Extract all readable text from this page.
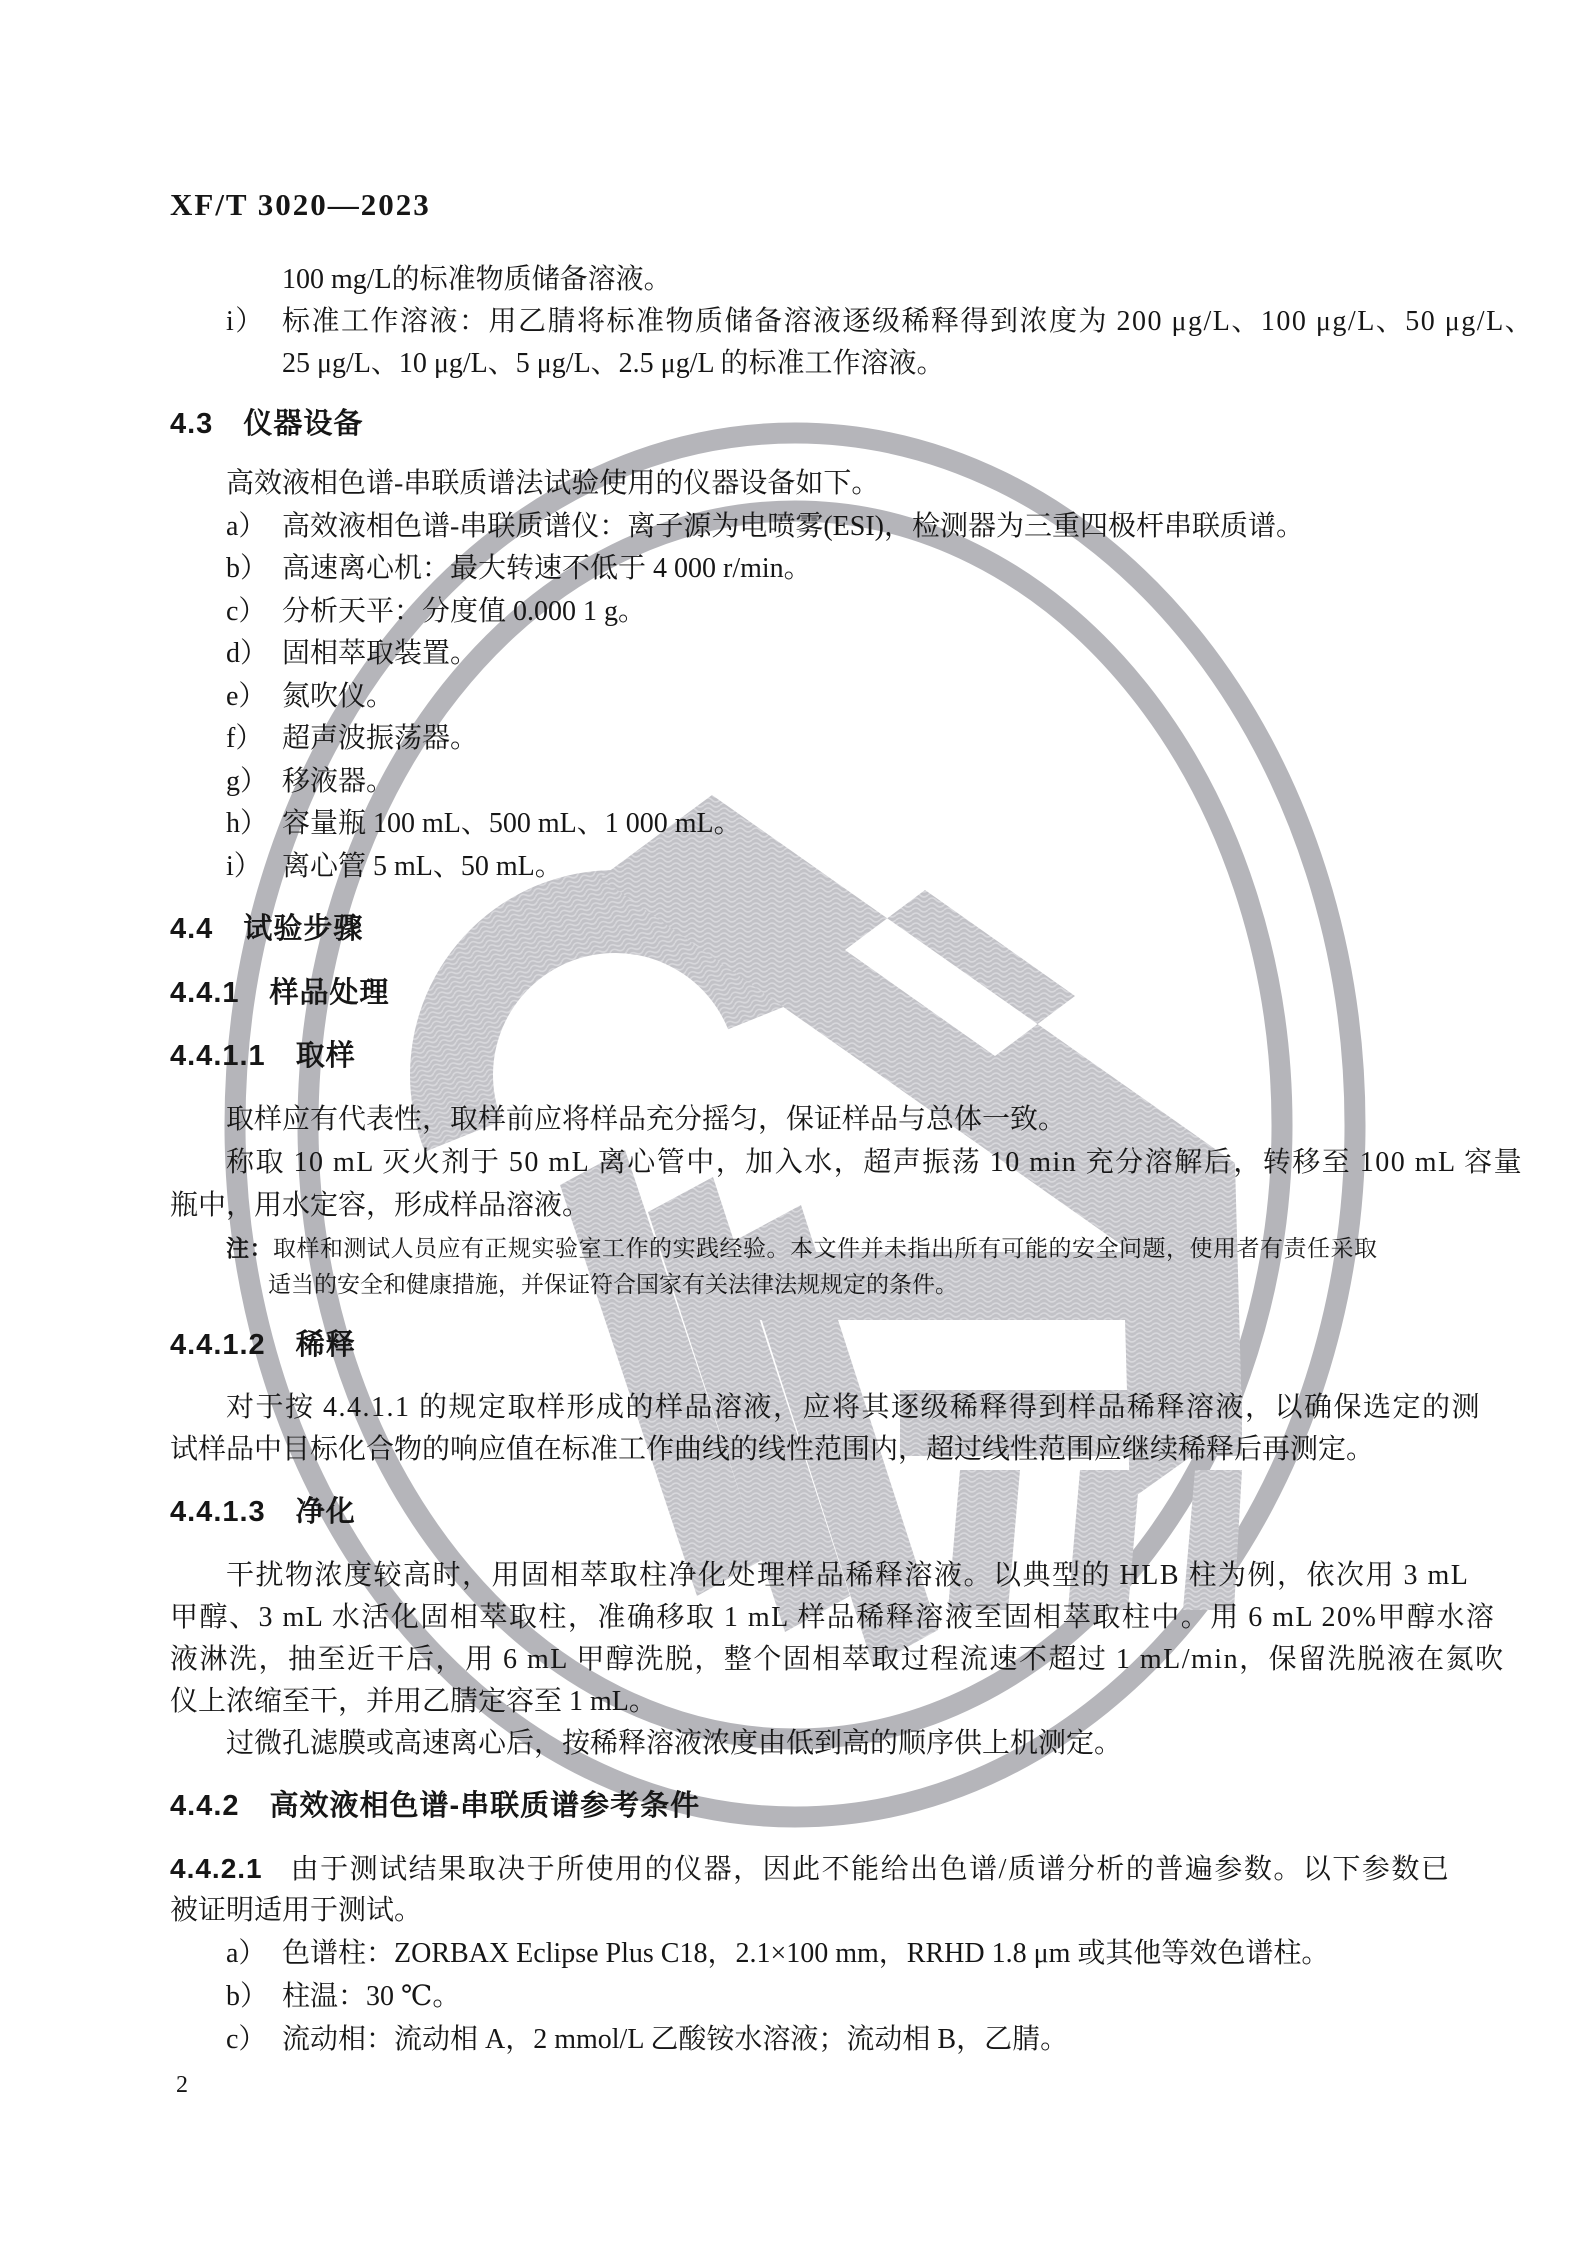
XF/T 3020—2023
100 mg/L的标准物质储备溶液。
i） 标准工作溶液：用乙腈将标准物质储备溶液逐级稀释得到浓度为 200 μg/L、100 μg/L、50 μg/L、
25 μg/L、10 μg/L、5 μg/L、2.5 μg/L 的标准工作溶液。
4.3 仪器设备
高效液相色谱-串联质谱法试验使用的仪器设备如下。
a） 高效液相色谱-串联质谱仪：离子源为电喷雾(ESI)，检测器为三重四极杆串联质谱。
b） 高速离心机：最大转速不低于 4 000 r/min。
c） 分析天平：分度值 0.000 1 g。
d） 固相萃取装置。
e） 氮吹仪。
f） 超声波振荡器。
g） 移液器。
h） 容量瓶 100 mL、500 mL、1 000 mL。
i） 离心管 5 mL、50 mL。
4.4 试验步骤
4.4.1 样品处理
4.4.1.1 取样
取样应有代表性，取样前应将样品充分摇匀，保证样品与总体一致。
称取 10 mL 灭火剂于 50 mL 离心管中，加入水，超声振荡 10 min 充分溶解后，转移至 100 mL 容量
瓶中，用水定容，形成样品溶液。
注：取样和测试人员应有正规实验室工作的实践经验。本文件并未指出所有可能的安全问题，使用者有责任采取
适当的安全和健康措施，并保证符合国家有关法律法规规定的条件。
4.4.1.2 稀释
对于按 4.4.1.1 的规定取样形成的样品溶液，应将其逐级稀释得到样品稀释溶液，以确保选定的测
试样品中目标化合物的响应值在标准工作曲线的线性范围内，超过线性范围应继续稀释后再测定。
4.4.1.3 净化
干扰物浓度较高时，用固相萃取柱净化处理样品稀释溶液。以典型的 HLB 柱为例，依次用 3 mL
甲醇、3 mL 水活化固相萃取柱，准确移取 1 mL 样品稀释溶液至固相萃取柱中。用 6 mL 20%甲醇水溶
液淋洗，抽至近干后，用 6 mL 甲醇洗脱，整个固相萃取过程流速不超过 1 mL/min，保留洗脱液在氮吹
仪上浓缩至干，并用乙腈定容至 1 mL。
过微孔滤膜或高速离心后，按稀释溶液浓度由低到高的顺序供上机测定。
4.4.2 高效液相色谱-串联质谱参考条件
4.4.2.1 由于测试结果取决于所使用的仪器，因此不能给出色谱/质谱分析的普遍参数。以下参数已
被证明适用于测试。
a） 色谱柱：ZORBAX Eclipse Plus C18，2.1×100 mm，RRHD 1.8 μm 或其他等效色谱柱。
b） 柱温：30 ℃。
c） 流动相：流动相 A，2 mmol/L 乙酸铵水溶液；流动相 B，乙腈。
2
